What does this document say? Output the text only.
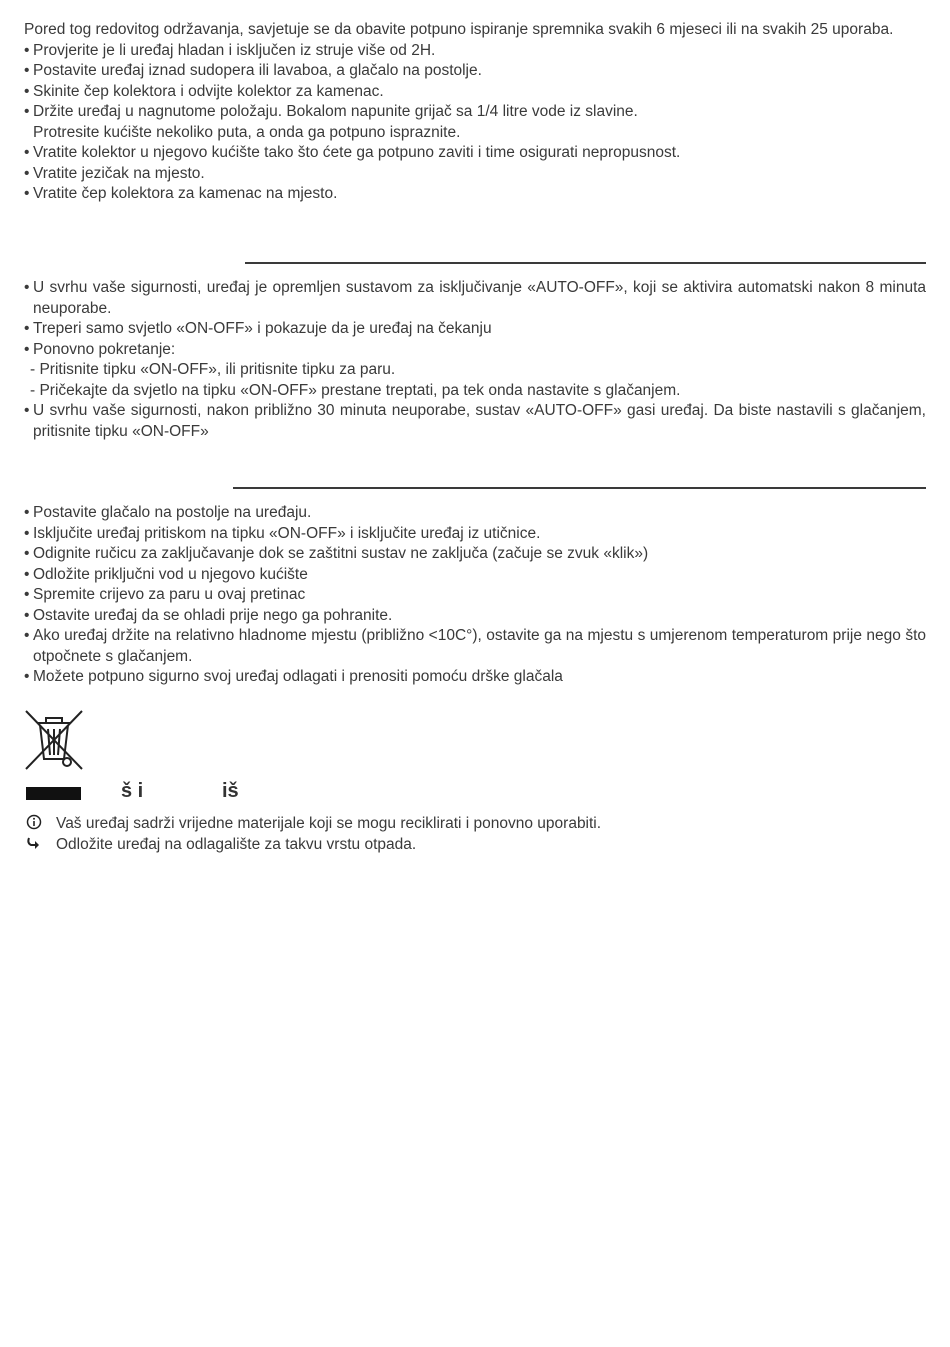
Pored tog redovitog održavanja, savjetuje se da obavite potpuno ispiranje spremnika svakih 6 mjeseci ili na svakih 25 uporaba.

• Provjerite je li uređaj hladan i isključen iz struje više od 2H.

• Postavite uređaj iznad sudopera ili lavaboa, a glačalo na postolje.

• Skinite čep kolektora i odvijte kolektor za kamenac.

• Držite uređaj u nagnutome položaju. Bokalom napunite grijač sa 1/4 litre vode iz slavine.

Protresite kućište nekoliko puta, a onda ga potpuno ispraznite.

• Vratite kolektor u njegovo kućište tako što ćete ga potpuno zaviti i time osigurati nepropusnost.

• Vratite jezičak na mjesto.

• Vratite čep kolektora za kamenac na mjesto.

• U svrhu vaše sigurnosti, uređaj je opremljen sustavom za isključivanje «AUTO-OFF», koji se aktivira automatski nakon 8 minuta neuporabe.

• Treperi samo svjetlo «ON-OFF» i pokazuje da je uređaj na čekanju

• Ponovno pokretanje:

- Pritisnite tipku «ON-OFF», ili pritisnite tipku za paru.

- Pričekajte da svjetlo na tipku «ON-OFF» prestane treptati, pa tek onda nastavite s glačanjem.

• U svrhu vaše sigurnosti, nakon približno 30 minuta neuporabe, sustav «AUTO-OFF» gasi uređaj. Da biste nastavili s glačanjem, pritisnite tipku «ON-OFF»

• Postavite glačalo na postolje na uređaju.

• Isključite uređaj pritiskom na tipku «ON-OFF» i isključite uređaj iz utičnice.

• Odignite ručicu za zaključavanje dok se zaštitni sustav ne zaključa (začuje se zvuk «klik»)

• Odložite priključni vod u njegovo kućište

• Spremite crijevo za paru u ovaj pretinac

• Ostavite uređaj da se ohladi prije nego ga pohranite.

• Ako uređaj držite na relativno hladnome mjestu (približno <10C°), ostavite ga na mjestu s umjerenom temperaturom prije nego što otpočnete s glačanjem.

• Možete potpuno sigurno svoj uređaj odlagati i prenositi pomoću drške glačala

š i	iš

Vaš uređaj sadrži vrijedne materijale koji se mogu reciklirati i ponovno uporabiti.

Odložite uređaj na odlagalište za takvu vrstu otpada.
